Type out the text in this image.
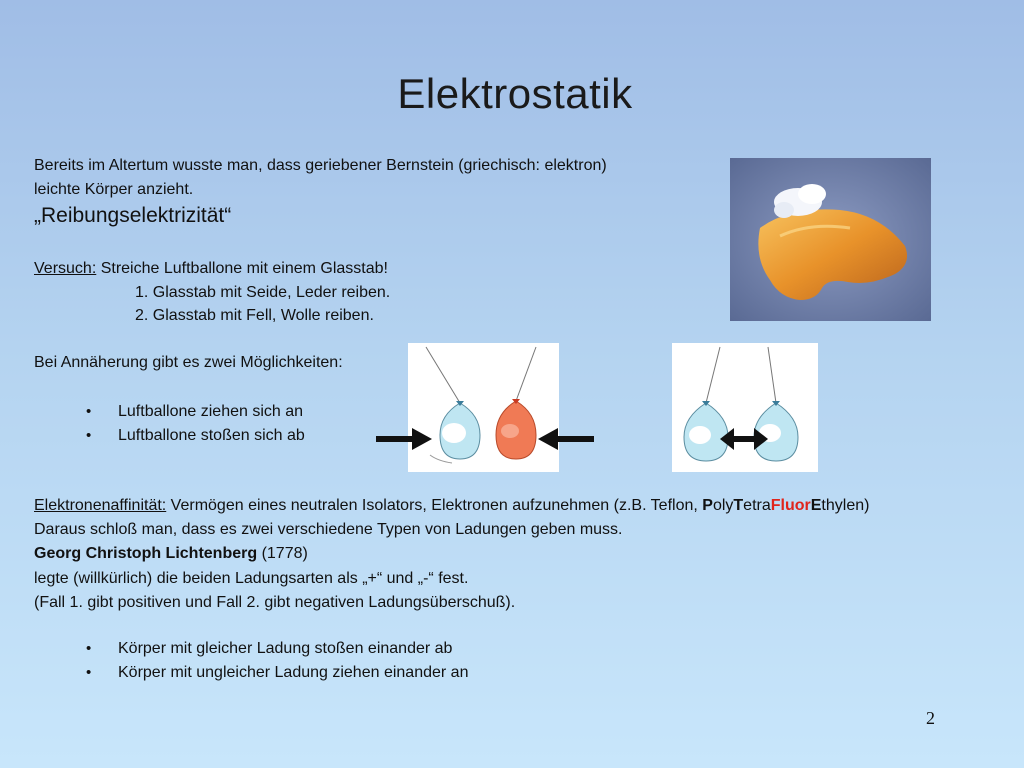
Elektrostatik
Bereits im Altertum wusste man, dass geriebener Bernstein (griechisch: elektron)
leichte Körper anzieht.
„Reibungselektrizität“
Versuch: Streiche Luftballone mit einem Glasstab!
1. Glasstab mit Seide, Leder reiben.
2. Glasstab mit Fell, Wolle reiben.
Bei Annäherung gibt es zwei Möglichkeiten:
• Luftballone ziehen sich an
• Luftballone stoßen sich ab
Elektronenaffinität: Vermögen eines neutralen Isolators, Elektronen aufzunehmen (z.B. Teflon, PolyTetraFluorEthylen)
Daraus schloß man, dass es zwei verschiedene Typen von Ladungen geben muss.
Georg Christoph Lichtenberg (1778)
legte (willkürlich) die beiden Ladungsarten als „+“ und „-“ fest.
(Fall 1. gibt positiven und Fall 2. gibt negativen Ladungsüberschuß).
• Körper mit gleicher Ladung stoßen einander ab
• Körper mit ungleicher Ladung ziehen einander an
2
